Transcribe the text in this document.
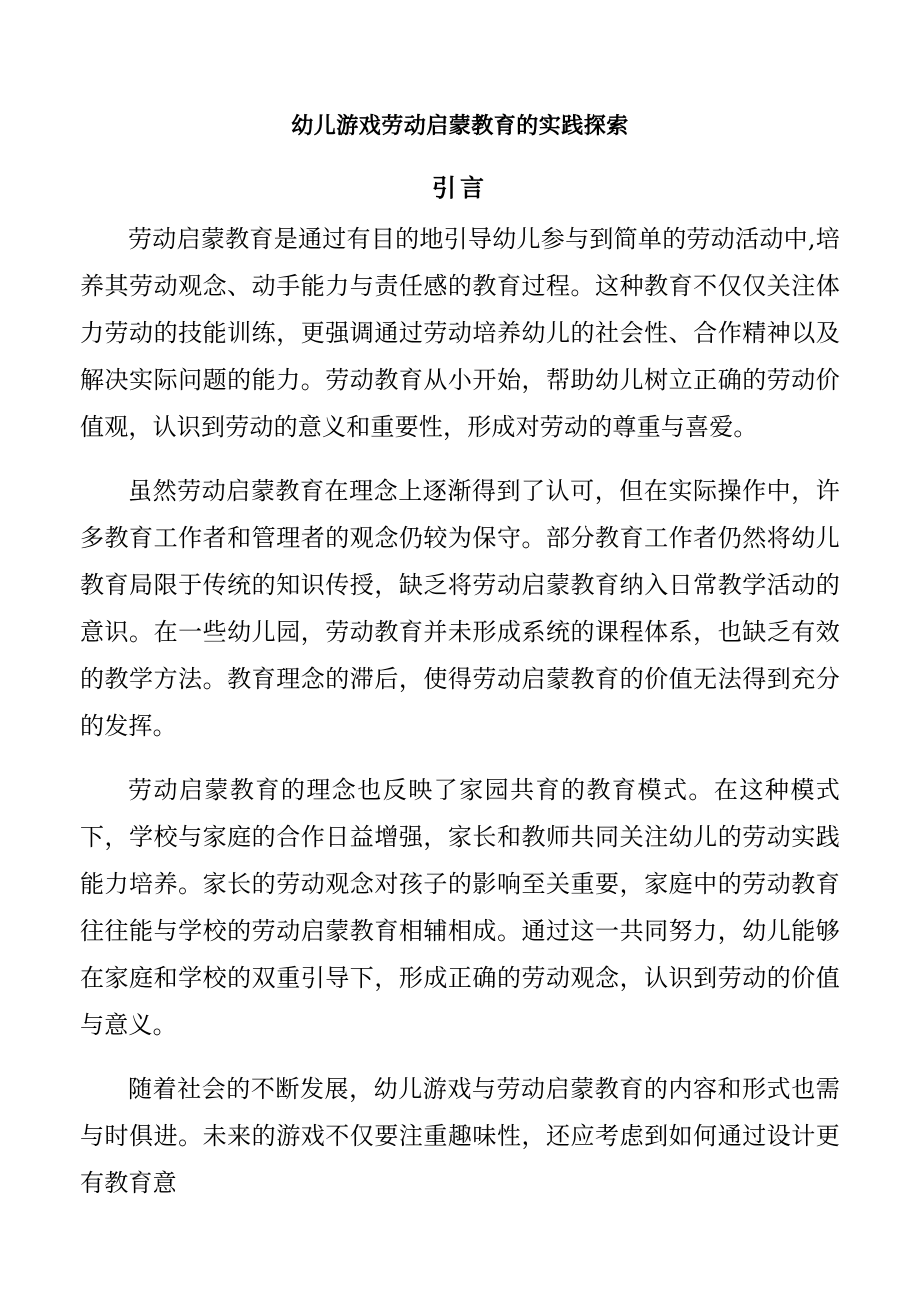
幼儿游戏劳动启蒙教育的实践探索
引言

劳动启蒙教育是通过有目的地引导幼儿参与到简单的劳动活动中,培养其劳动观念、动手能力与责任感的教育过程。这种教育不仅仅关注体力劳动的技能训练，更强调通过劳动培养幼儿的社会性、合作精神以及解决实际问题的能力。劳动教育从小开始，帮助幼儿树立正确的劳动价值观，认识到劳动的意义和重要性，形成对劳动的尊重与喜爱。

虽然劳动启蒙教育在理念上逐渐得到了认可，但在实际操作中，许多教育工作者和管理者的观念仍较为保守。部分教育工作者仍然将幼儿教育局限于传统的知识传授，缺乏将劳动启蒙教育纳入日常教学活动的意识。在一些幼儿园，劳动教育并未形成系统的课程体系，也缺乏有效的教学方法。教育理念的滞后，使得劳动启蒙教育的价值无法得到充分的发挥。

劳动启蒙教育的理念也反映了家园共育的教育模式。在这种模式下，学校与家庭的合作日益增强，家长和教师共同关注幼儿的劳动实践能力培养。家长的劳动观念对孩子的影响至关重要，家庭中的劳动教育往往能与学校的劳动启蒙教育相辅相成。通过这一共同努力，幼儿能够在家庭和学校的双重引导下，形成正确的劳动观念，认识到劳动的价值与意义。

随着社会的不断发展，幼儿游戏与劳动启蒙教育的内容和形式也需与时俱进。未来的游戏不仅要注重趣味性，还应考虑到如何通过设计更有教育意
